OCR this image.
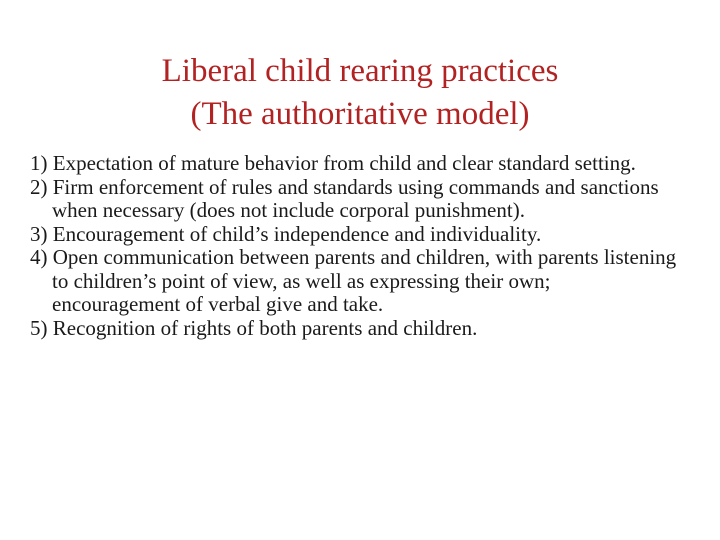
Liberal child rearing practices
(The authoritative model)
1) Expectation of mature behavior from child and clear standard setting.
2) Firm enforcement of rules and standards using commands and sanctions when necessary (does not include corporal punishment).
3) Encouragement of child’s independence and individuality.
4) Open communication between parents and children, with parents listening to children’s point of view, as well as expressing their own; encouragement of verbal give and take.
5) Recognition of rights of both parents and children.
